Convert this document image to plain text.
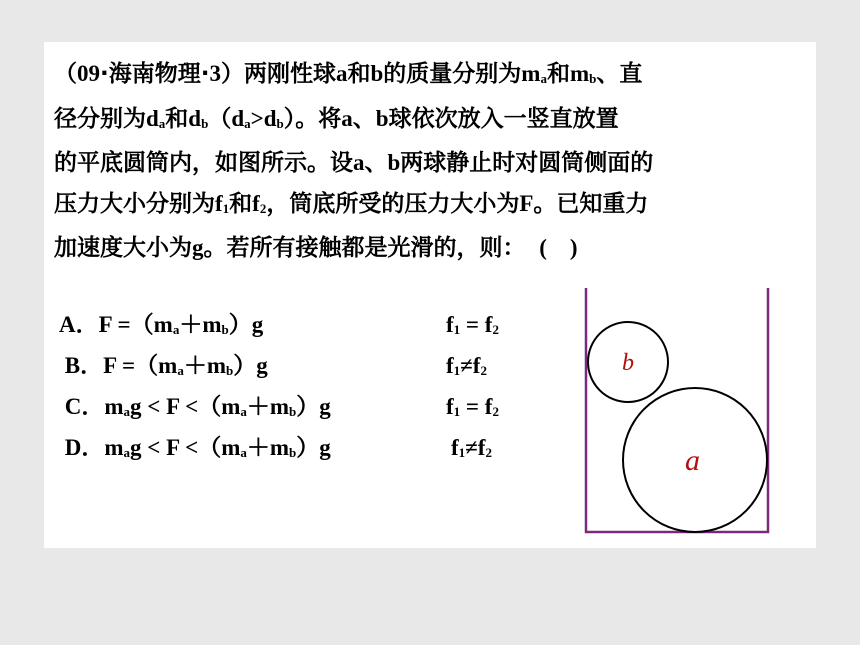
（09·海南物理·3）两刚性球a和b的质量分别为$m_a$和$m_b$、直
径分别为$d_a$和$d_b(d_a>d_b)$。将a、b球依次放入一竖直放置
的平底圆筒内，如图所示。设a、b两球静止时对圆筒侧面的
压力大小分别为$f_1$和$f_2$，筒底所受的压力大小为F。已知重力
加速度大小为g。若所有接触都是光滑的，则：  (    )
A．$F =(m_a+m_b)g$	$f_1 = f_2$
B．$F =(m_a+m_b)g$	$f_1\ne f_2$
C．$m_ag < F <(m_a+m_b)g$	$f_1 = f_2$
D．$m_ag < F <(m_a+m_b)g$	$f_1\ne f_2$
b
a
